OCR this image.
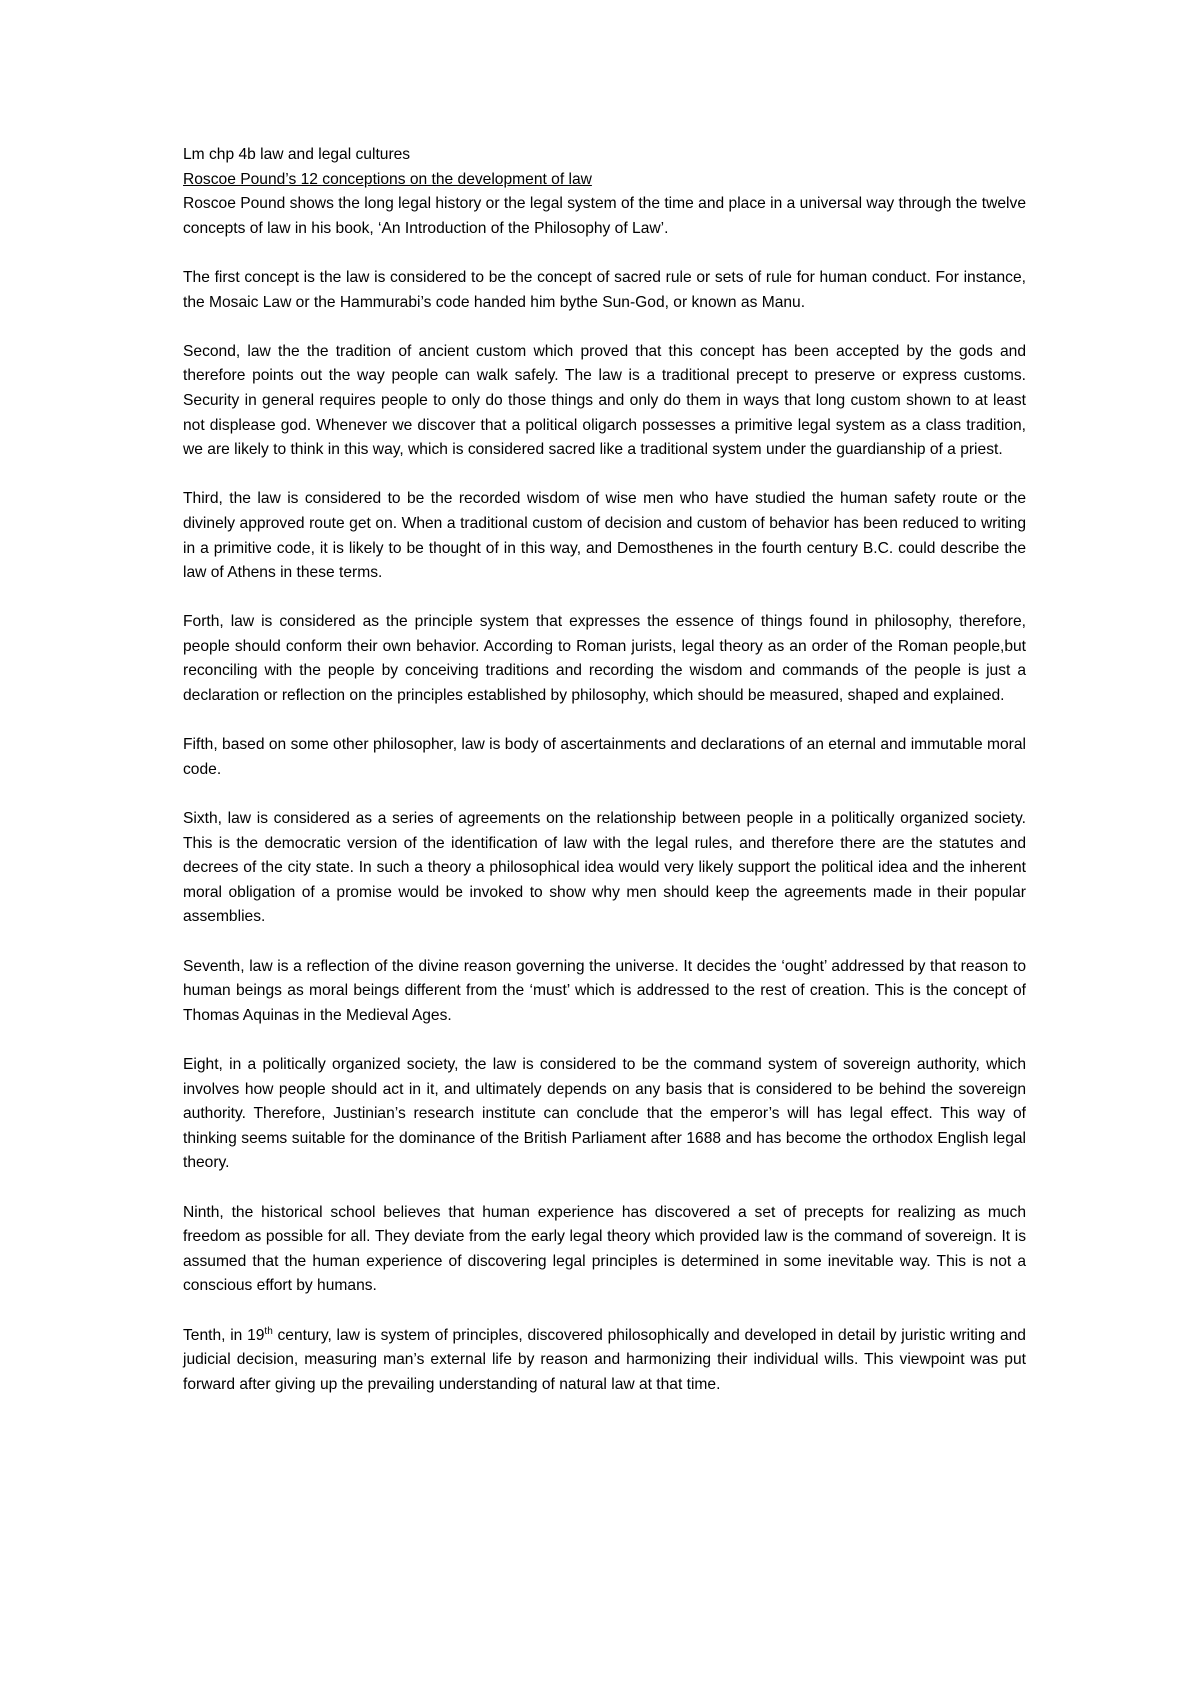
Lm chp 4b law and legal cultures

Roscoe Pound’s 12 conceptions on the development of law

Roscoe Pound shows the long legal history or the legal system of the time and place in a universal way through the twelve concepts of law in his book, ‘An Introduction of the Philosophy of Law’.

The first concept is the law is considered to be the concept of sacred rule or sets of rule for human conduct. For instance, the Mosaic Law or the Hammurabi’s code handed him bythe Sun-God, or known as Manu.

Second, law the the tradition of ancient custom which proved that this concept has been accepted by the gods and therefore points out the way people can walk safely. The law is a traditional precept to preserve or express customs. Security in general requires people to only do those things and only do them in ways that long custom shown to at least not displease god. Whenever we discover that a political oligarch possesses a primitive legal system as a class tradition, we are likely to think in this way, which is considered sacred like a traditional system under the guardianship of a priest.

Third, the law is considered to be the recorded wisdom of wise men who have studied the human safety route or the divinely approved route get on. When a traditional custom of decision and custom of behavior has been reduced to writing in a primitive code, it is likely to be thought of in this way, and Demosthenes in the fourth century B.C. could describe the law of Athens in these terms.

Forth, law is considered as the principle system that expresses the essence of things found in philosophy, therefore, people should conform their own behavior. According to Roman jurists, legal theory as an order of the Roman people,but reconciling with the people by conceiving traditions and recording the wisdom and commands of the people is just a declaration or reflection on the principles established by philosophy, which should be measured, shaped and explained.

Fifth, based on some other philosopher, law is body of ascertainments and declarations of an eternal and immutable moral code.

Sixth, law is considered as a series of agreements on the relationship between people in a politically organized society. This is the democratic version of the identification of law with the legal rules, and therefore there are the statutes and decrees of the city state. In such a theory a philosophical idea would very likely support the political idea and the inherent moral obligation of a promise would be invoked to show why men should keep the agreements made in their popular assemblies.

Seventh, law is a reflection of the divine reason governing the universe. It decides the ‘ought’ addressed by that reason to human beings as moral beings different from the ‘must’ which is addressed to the rest of creation. This is the concept of Thomas Aquinas in the Medieval Ages.

Eight, in a politically organized society, the law is considered to be the command system of sovereign authority, which involves how people should act in it, and ultimately depends on any basis that is considered to be behind the sovereign authority. Therefore, Justinian’s research institute can conclude that the emperor’s will has legal effect. This way of thinking seems suitable for the dominance of the British Parliament after 1688 and has become the orthodox English legal theory.

Ninth, the historical school believes that human experience has discovered a set of precepts for realizing as much freedom as possible for all. They deviate from the early legal theory which provided law is the command of sovereign. It is assumed that the human experience of discovering legal principles is determined in some inevitable way. This is not a conscious effort by humans.

Tenth, in 19th century, law is system of principles, discovered philosophically and developed in detail by juristic writing and judicial decision, measuring man’s external life by reason and harmonizing their individual wills. This viewpoint was put forward after giving up the prevailing understanding of natural law at that time.
